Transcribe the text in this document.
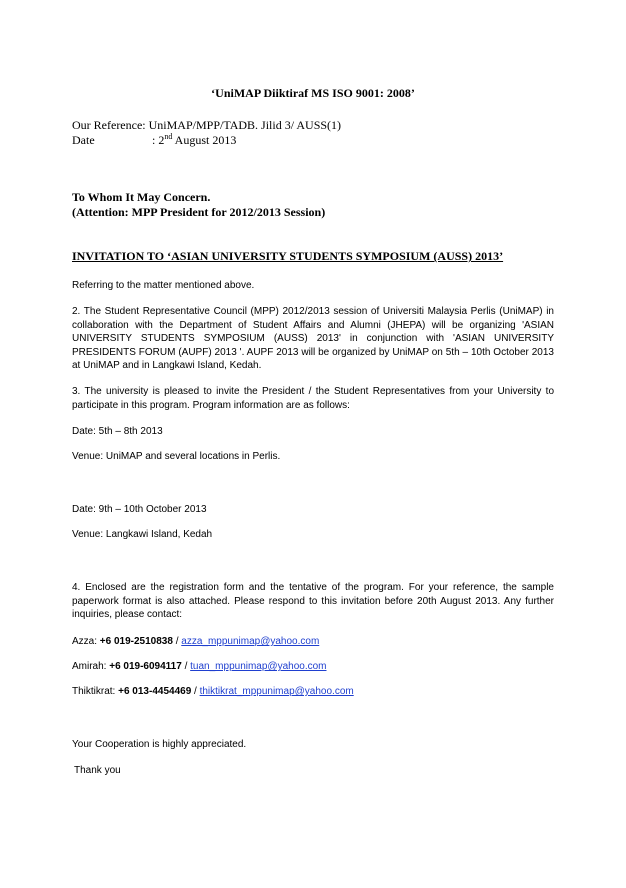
‘UniMAP Diiktiraf MS ISO 9001: 2008’
Our Reference: UniMAP/MPP/TADB. Jilid 3/ AUSS(1)
Date	: 2nd August 2013
To Whom It May Concern.
(Attention: MPP President for 2012/2013 Session)
INVITATION TO ‘ASIAN UNIVERSITY STUDENTS SYMPOSIUM (AUSS) 2013’
Referring to the matter mentioned above.
2. The Student Representative Council (MPP) 2012/2013 session of Universiti Malaysia Perlis (UniMAP) in collaboration with the Department of Student Affairs and Alumni (JHEPA) will be organizing 'ASIAN UNIVERSITY STUDENTS SYMPOSIUM (AUSS) 2013' in conjunction with 'ASIAN UNIVERSITY PRESIDENTS FORUM (AUPF) 2013 '. AUPF 2013 will be organized by UniMAP on 5th – 10th October 2013 at UniMAP and in Langkawi Island, Kedah.
3. The university is pleased to invite the President / the Student Representatives from your University to participate in this program. Program information are as follows:
Date: 5th – 8th 2013
Venue: UniMAP and several locations in Perlis.
Date: 9th – 10th October 2013
Venue: Langkawi Island, Kedah
4. Enclosed are the registration form and the tentative of the program. For your reference, the sample paperwork format is also attached. Please respond to this invitation before 20th August 2013. Any further inquiries, please contact:
Azza: +6 019-2510838 / azza_mppunimap@yahoo.com
Amirah: +6 019-6094117 / tuan_mppunimap@yahoo.com
Thiktikrat: +6 013-4454469 / thiktikrat_mppunimap@yahoo.com
Your Cooperation is highly appreciated.
Thank you
